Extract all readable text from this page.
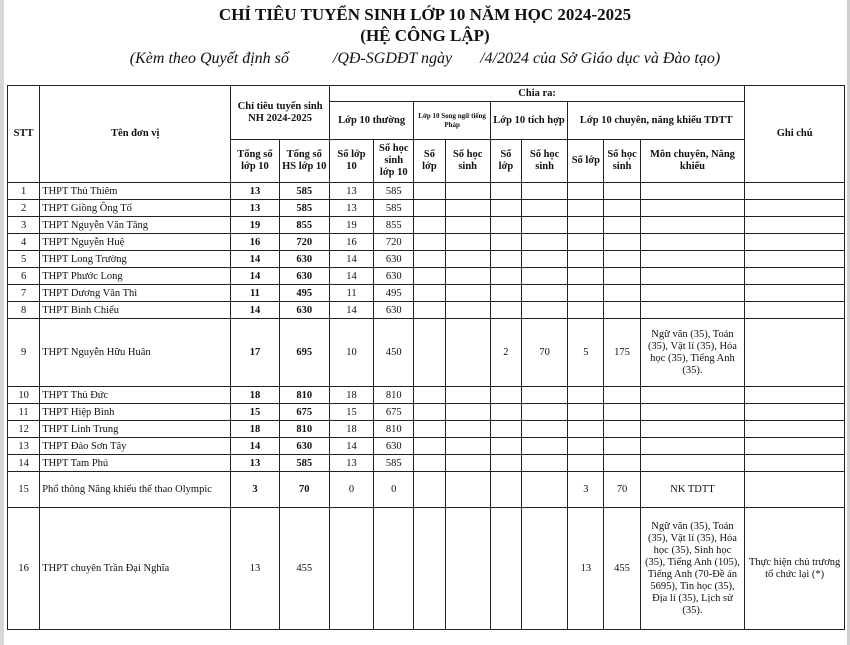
CHỈ TIÊU TUYỂN SINH LỚP 10 NĂM HỌC 2024-2025
(HỆ CÔNG LẬP)
(Kèm theo Quyết định số	/QĐ-SGDĐT ngày /4/2024 của Sở Giáo dục và Đào tạo)
STT	Tên đơn vị	Chỉ tiêu tuyển sinh NH 2024-2025		Chia ra:									Ghi chú
				Lớp 10 thường		Lớp 10 Song ngữ tiếng Pháp		Lớp 10 tích hợp		Lớp 10 chuyên, năng khiếu TDTT			
		Tổng số lớp 10	Tổng số HS lớp 10	Số lớp 10	Số học sinh lớp 10	Số lớp	Số học sinh	Số lớp	Số học sinh	Số lớp	Số học sinh	Môn chuyên, Năng khiếu	
1	THPT Thủ Thiêm	13	585	13	585								
2	THPT Giồng Ông Tố	13	585	13	585								
3	THPT Nguyễn Văn Tăng	19	855	19	855								
4	THPT Nguyễn Huệ	16	720	16	720								
5	THPT Long Trường	14	630	14	630								
6	THPT Phước Long	14	630	14	630								
7	THPT Dương Văn Thì	11	495	11	495								
8	THPT Bình Chiểu	14	630	14	630								
9	THPT Nguyễn Hữu Huân	17	695	10	450			2	70	5	175	Ngữ văn (35), Toán (35), Vật lí (35), Hóa học (35), Tiếng Anh (35).	
10	THPT Thủ Đức	18	810	18	810								
11	THPT Hiệp Bình	15	675	15	675								
12	THPT Linh Trung	18	810	18	810								
13	THPT Đào Sơn Tây	14	630	14	630								
14	THPT Tam Phú	13	585	13	585								
15	Phổ thông Năng khiếu thể thao Olympic	3	70	0	0					3	70	NK TDTT	
16	THPT chuyên Trần Đại Nghĩa	13	455							13	455	Ngữ văn (35), Toán (35), Vật lí (35), Hóa học (35), Sinh học (35), Tiếng Anh (105), Tiếng Anh (70-Đề án 5695), Tin học (35), Địa lí (35), Lịch sử (35).	Thực hiện chủ trương tổ chức lại (*)
